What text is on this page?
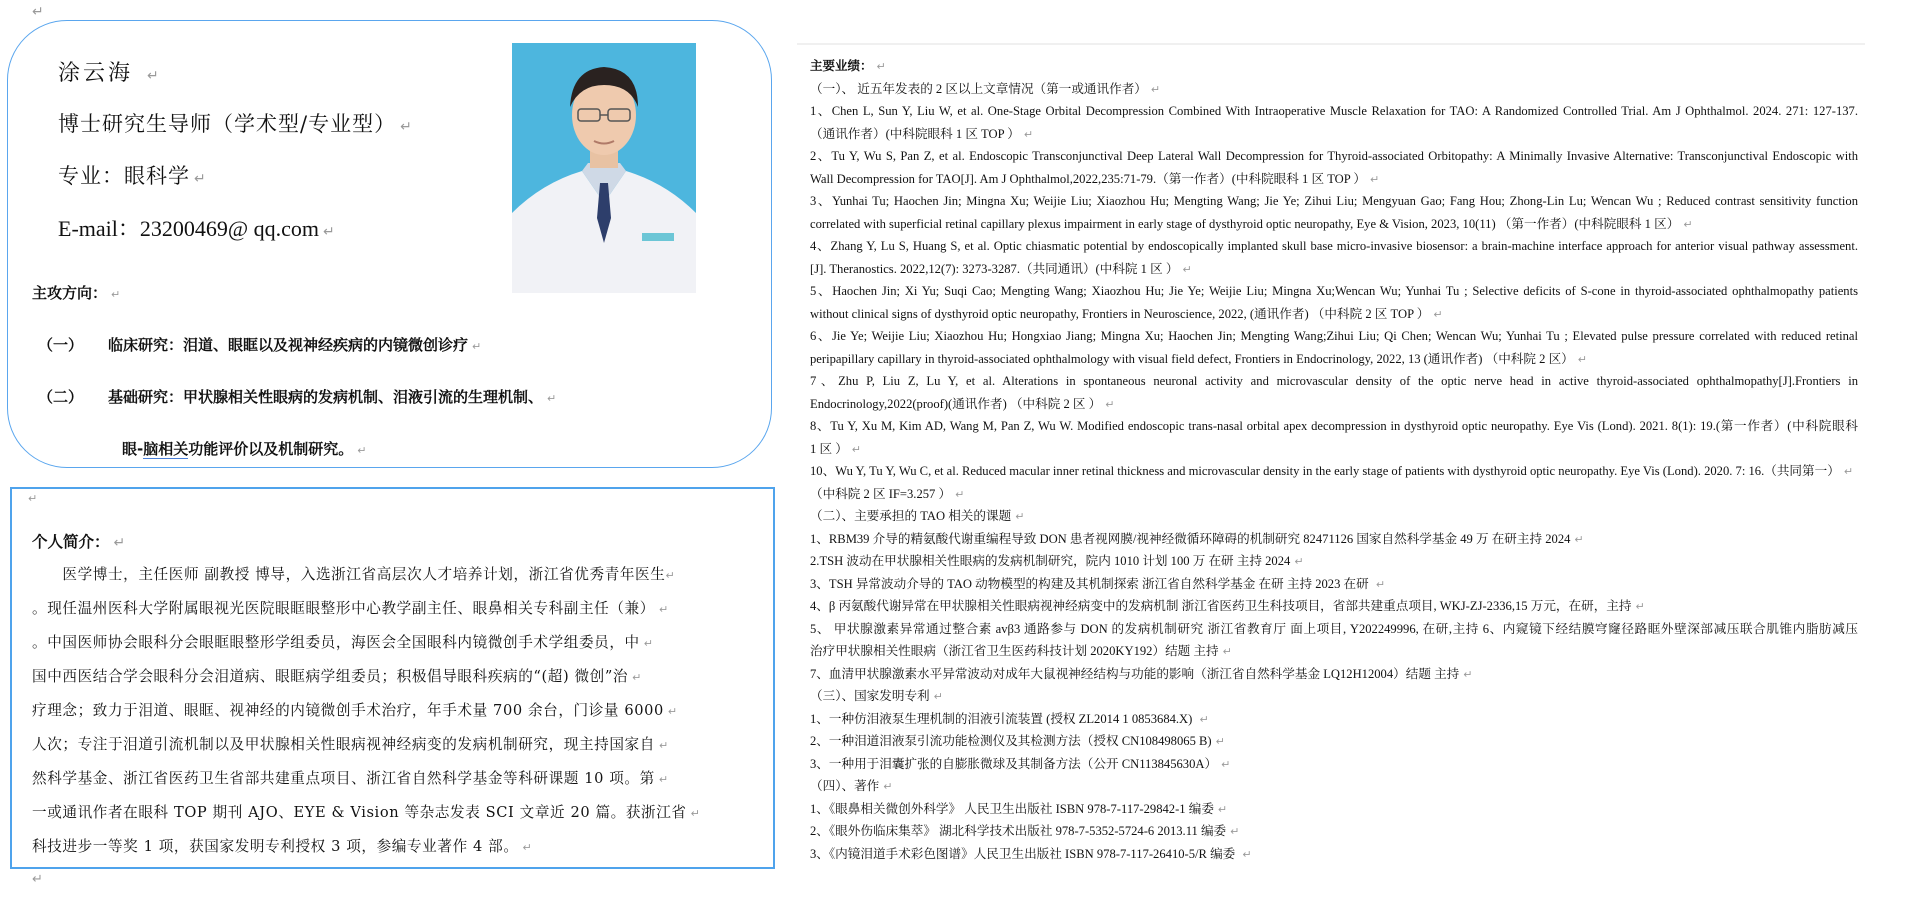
↵
↵
涂云海 ↵
博士研究生导师（学术型/专业型） ↵
专业：眼科学 ↵
E-mail：23200469@ qq.com ↵
主攻方向： ↵
（一） 临床研究：泪道、眼眶以及视神经疾病的内镜微创诊疗 ↵
（二） 基础研究：甲状腺相关性眼病的发病机制、泪液引流的生理机制、 ↵
眼-脑相关功能评价以及机制研究。 ↵
↵
个人简介： ↵
　　医学博士，主任医师 副教授 博导，入选浙江省高层次人才培养计划，浙江省优秀青年医生↵
。现任温州医科大学附属眼视光医院眼眶眼整形中心教学副主任、眼鼻相关专科副主任（兼） ↵
。中国医师协会眼科分会眼眶眼整形学组委员，海医会全国眼科内镜微创手术学组委员，中 ↵
国中西医结合学会眼科分会泪道病、眼眶病学组委员；积极倡导眼科疾病的“(超) 微创”治 ↵
疗理念；致力于泪道、眼眶、视神经的内镜微创手术治疗，年手术量 700 余台，门诊量 6000 ↵
人次；专注于泪道引流机制以及甲状腺相关性眼病视神经病变的发病机制研究，现主持国家自 ↵
然科学基金、浙江省医药卫生省部共建重点项目、浙江省自然科学基金等科研课题 10 项。第 ↵
一或通讯作者在眼科 TOP 期刊 AJO、EYE & Vision 等杂志发表 SCI 文章近 20 篇。获浙江省 ↵
科技进步一等奖 1 项，获国家发明专利授权 3 项，参编专业著作 4 部。 ↵
主要业绩： ↵
（一）、 近五年发表的 2 区以上文章情况（第一或通讯作者） ↵
1、Chen L, Sun Y, Liu W, et al. One-Stage Orbital Decompression Combined With Intraoperative Muscle Relaxation for TAO: A Randomized Controlled Trial. Am J Ophthalmol. 2024. 271: 127-137.
（通讯作者）(中科院眼科 1 区 TOP ） ↵
2、Tu Y, Wu S, Pan Z, et al. Endoscopic Transconjunctival Deep Lateral Wall Decompression for Thyroid-associated Orbitopathy: A Minimally Invasive Alternative: Transconjunctival Endoscopic with
Wall Decompression for TAO[J]. Am J Ophthalmol,2022,235:71-79.（第一作者）(中科院眼科 1 区 TOP ） ↵
3、Yunhai Tu; Haochen Jin; Mingna Xu; Weijie Liu; Xiaozhou Hu; Mengting Wang; Jie Ye; Zihui Liu; Mengyuan Gao; Fang Hou; Zhong-Lin Lu; Wencan Wu ; Reduced contrast sensitivity function
correlated with superficial retinal capillary plexus impairment in early stage of dysthyroid optic neuropathy, Eye & Vision, 2023, 10(11) （第一作者）(中科院眼科 1 区） ↵
4、Zhang Y, Lu S, Huang S, et al. Optic chiasmatic potential by endoscopically implanted skull base micro-invasive biosensor: a brain-machine interface approach for anterior visual pathway assessment.
[J]. Theranostics. 2022,12(7): 3273-3287.（共同通讯）(中科院 1 区 ） ↵
5、Haochen Jin; Xi Yu; Suqi Cao; Mengting Wang; Xiaozhou Hu; Jie Ye; Weijie Liu; Mingna Xu;Wencan Wu; Yunhai Tu ; Selective deficits of S-cone in thyroid-associated ophthalmopathy patients
without clinical signs of dysthyroid optic neuropathy, Frontiers in Neuroscience, 2022, (通讯作者) （中科院 2 区 TOP ） ↵
6、Jie Ye; Weijie Liu; Xiaozhou Hu; Hongxiao Jiang; Mingna Xu; Haochen Jin; Mengting Wang;Zihui Liu; Qi Chen; Wencan Wu; Yunhai Tu ; Elevated pulse pressure correlated with reduced retinal
peripapillary capillary in thyroid-associated ophthalmology with visual field defect, Frontiers in Endocrinology, 2022, 13 (通讯作者) （中科院 2 区） ↵
7、Zhu P, Liu Z, Lu Y, et al. Alterations in spontaneous neuronal activity and microvascular density of the optic nerve head in active thyroid-associated ophthalmopathy[J].Frontiers in
Endocrinology,2022(proof)(通讯作者) （中科院 2 区 ） ↵
8、Tu Y, Xu M, Kim AD, Wang M, Pan Z, Wu W. Modified endoscopic trans-nasal orbital apex decompression in dysthyroid optic neuropathy. Eye Vis (Lond). 2021. 8(1): 19.(第一作者）(中科院眼科
1 区 ） ↵
10、Wu Y, Tu Y, Wu C, et al. Reduced macular inner retinal thickness and microvascular density in the early stage of patients with dysthyroid optic neuropathy. Eye Vis (Lond). 2020. 7: 16.（共同第一） ↵
（中科院 2 区 IF=3.257 ） ↵
（二）、主要承担的 TAO 相关的课题 ↵
1、RBM39 介导的精氨酸代谢重编程导致 DON 患者视网膜/视神经微循环障碍的机制研究 82471126 国家自然科学基金 49 万 在研主持 2024 ↵
2.TSH 波动在甲状腺相关性眼病的发病机制研究，院内 1010 计划 100 万 在研 主持 2024 ↵
3、TSH 异常波动介导的 TAO 动物模型的构建及其机制探索 浙江省自然科学基金 在研 主持 2023 在研 ↵
4、β 丙氨酸代谢异常在甲状腺相关性眼病视神经病变中的发病机制 浙江省医药卫生科技项目，省部共建重点项目, WKJ-ZJ-2336,15 万元，在研，主持 ↵
5、 甲状腺激素异常通过整合素 avβ3 通路参与 DON 的发病机制研究 浙江省教育厅 面上项目, Y202249996, 在研,主持 6、内窥镜下经结膜穹窿径路眶外壁深部减压联合肌锥内脂肪减压
治疗甲状腺相关性眼病（浙江省卫生医药科技计划 2020KY192）结题 主持 ↵
7、血清甲状腺激素水平异常波动对成年大鼠视神经结构与功能的影响（浙江省自然科学基金 LQ12H12004）结题 主持 ↵
（三）、国家发明专利 ↵
1、一种仿泪液泵生理机制的泪液引流装置 (授权 ZL2014 1 0853684.X) ↵
2、一种泪道泪液泵引流功能检测仪及其检测方法（授权 CN108498065 B) ↵
3、一种用于泪囊扩张的自膨胀微球及其制备方法（公开 CN113845630A） ↵
（四）、著作 ↵
1、《眼鼻相关微创外科学》 人民卫生出版社 ISBN 978-7-117-29842-1 编委 ↵
2、《眼外伤临床集萃》 湖北科学技术出版社 978-7-5352-5724-6 2013.11 编委 ↵
3、《内镜泪道手术彩色图谱》人民卫生出版社 ISBN 978-7-117-26410-5/R 编委 ↵
